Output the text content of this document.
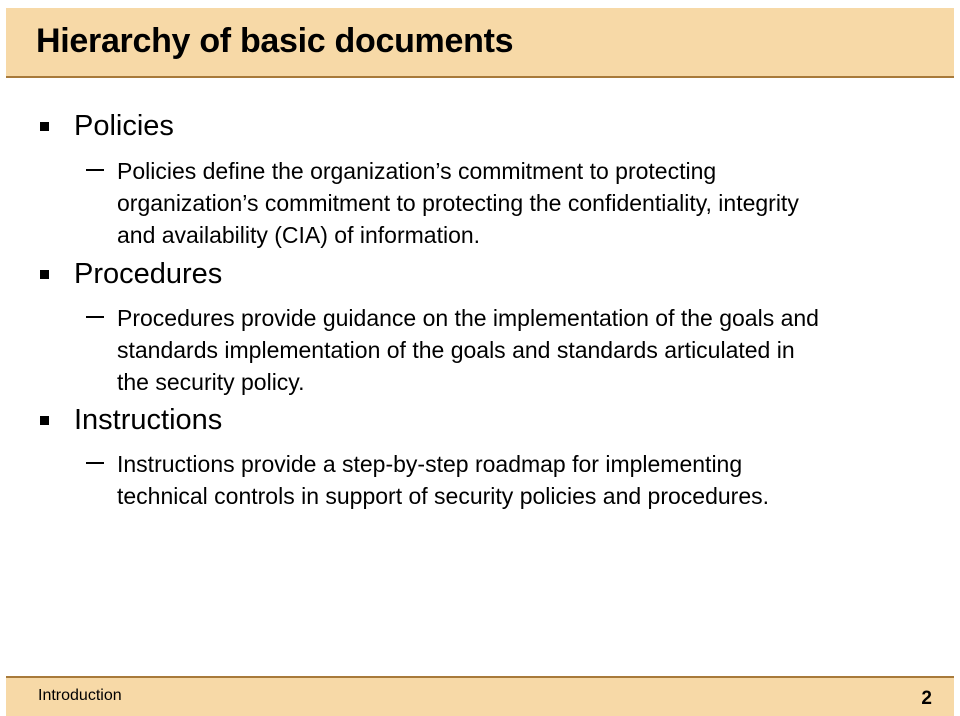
Hierarchy of basic documents
Policies
Policies define the organization’s commitment to protecting
organization’s commitment to protecting the confidentiality, integrity
and availability (CIA) of information.
Procedures
Procedures provide guidance on the implementation of the goals and
standards implementation of the goals and standards articulated in
the security policy.
Instructions
Instructions provide a step-by-step roadmap for implementing
technical controls in support of security policies and procedures.
Introduction	2
